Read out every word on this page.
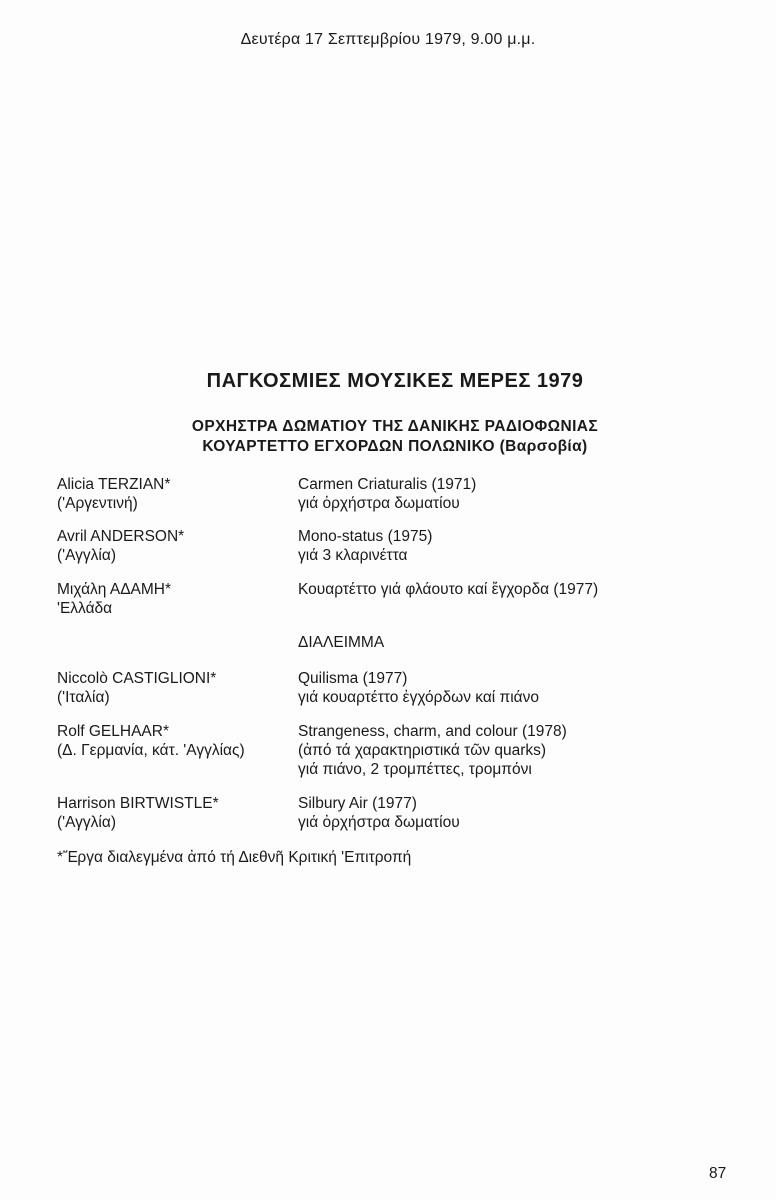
Δευτέρα 17 Σεπτεμβρίου 1979, 9.00 μ.μ.
ΠΑΓΚΟΣΜΙΕΣ ΜΟΥΣΙΚΕΣ ΜΕΡΕΣ 1979
ΟΡΧΗΣΤΡΑ ΔΩΜΑΤΙΟΥ ΤΗΣ ΔΑΝΙΚΗΣ ΡΑΔΙΟΦΩΝΙΑΣ
ΚΟΥΑΡΤΕΤΤΟ ΕΓΧΟΡΔΩΝ ΠΟΛΩΝΙΚΟ (Βαρσοβία)
Alicia TERZIAN*
('Αργεντινή)
Carmen Criaturalis (1971)
γιά ὀρχήστρα δωματίου
Avril ANDERSON*
('Αγγλία)
Mono-status (1975)
γιά 3 κλαρινέττα
Μιχάλη ΑΔΑΜΗ*
'Ελλάδα
Κουαρτέττο γιά φλάουτο καί ἔγχορδα (1977)
ΔΙΑΛΕΙΜΜΑ
Niccolò CASTIGLIONI*
('Ιταλία)
Quilisma (1977)
γιά κουαρτέττο ἐγχόρδων καί πιάνο
Rolf GELHAAR*
(Δ. Γερμανία, κάτ. 'Αγγλίας)
Strangeness, charm, and colour (1978)
(ἀπό τά χαρακτηριστικά τῶν quarks)
γιά πιάνο, 2 τρομπέττες, τρομπόνι
Harrison BIRTWISTLE*
('Αγγλία)
Silbury Air (1977)
γιά ὀρχήστρα δωματίου
*Ἔργα διαλεγμένα ἀπό τή Διεθνῆ Κριτική 'Επιτροπή
87
